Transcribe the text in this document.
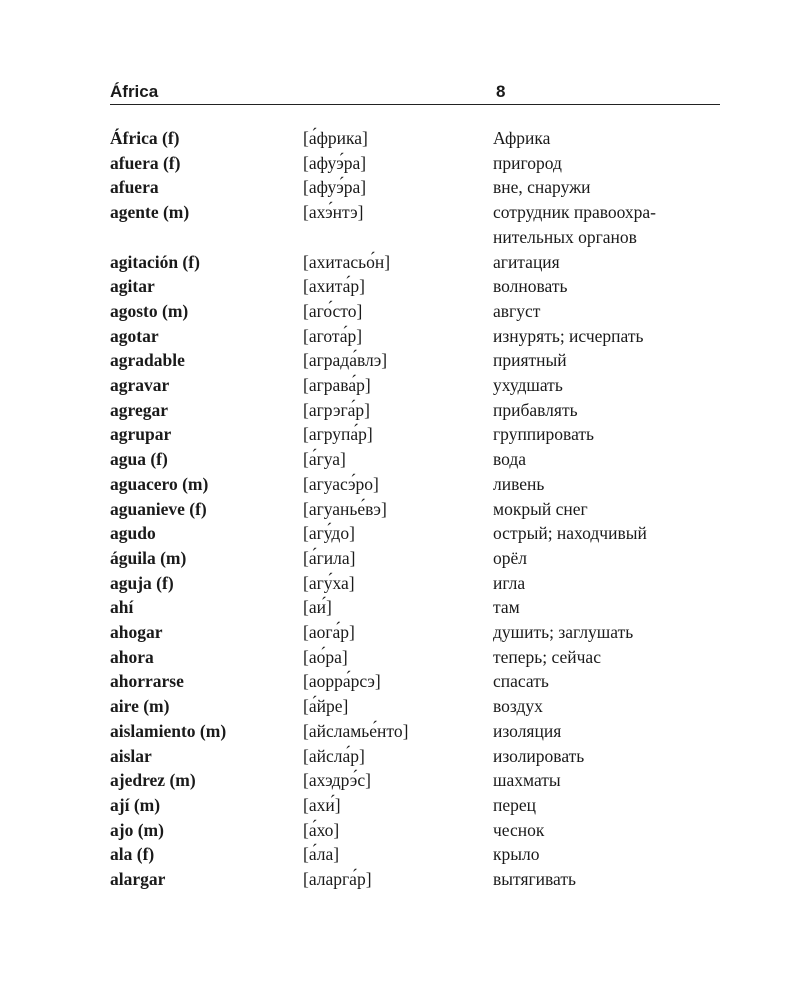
África	8
África (f)	[а́фрика]	Африка
afuera (f)	[афуэ́ра]	пригород
afuera	[афуэ́ра]	вне, снаружи
agente (m)	[ахэ́нтэ]	сотрудник правоохра-нительных органов
agitación (f)	[ахитасьо́н]	агитация
agitar	[ахита́р]	волновать
agosto (m)	[аго́сто]	август
agotar	[агота́р]	изнурять; исчерпать
agradable	[аграда́влэ]	приятный
agravar	[аграва́р]	ухудшать
agregar	[агрэга́р]	прибавлять
agrupar	[агрупа́р]	группировать
agua (f)	[а́гуа]	вода
aguacero (m)	[агуасэ́ро]	ливень
aguanieve (f)	[агуанье́вэ]	мокрый снег
agudo	[агу́до]	острый; находчивый
águila (m)	[а́гила]	орёл
aguja (f)	[агу́ха]	игла
ahí	[аи́]	там
ahogar	[аога́р]	душить; заглушать
ahora	[ао́ра]	теперь; сейчас
ahorrarse	[аорра́рсэ]	спасать
aire (m)	[а́йре]	воздух
aislamiento (m)	[айсламье́нто]	изоляция
aislar	[айсла́р]	изолировать
ajedrez (m)	[ахэдрэ́с]	шахматы
ají (m)	[ахи́]	перец
ajo (m)	[а́хо]	чеснок
ala (f)	[а́ла]	крыло
alargar	[аларга́р]	вытягивать
